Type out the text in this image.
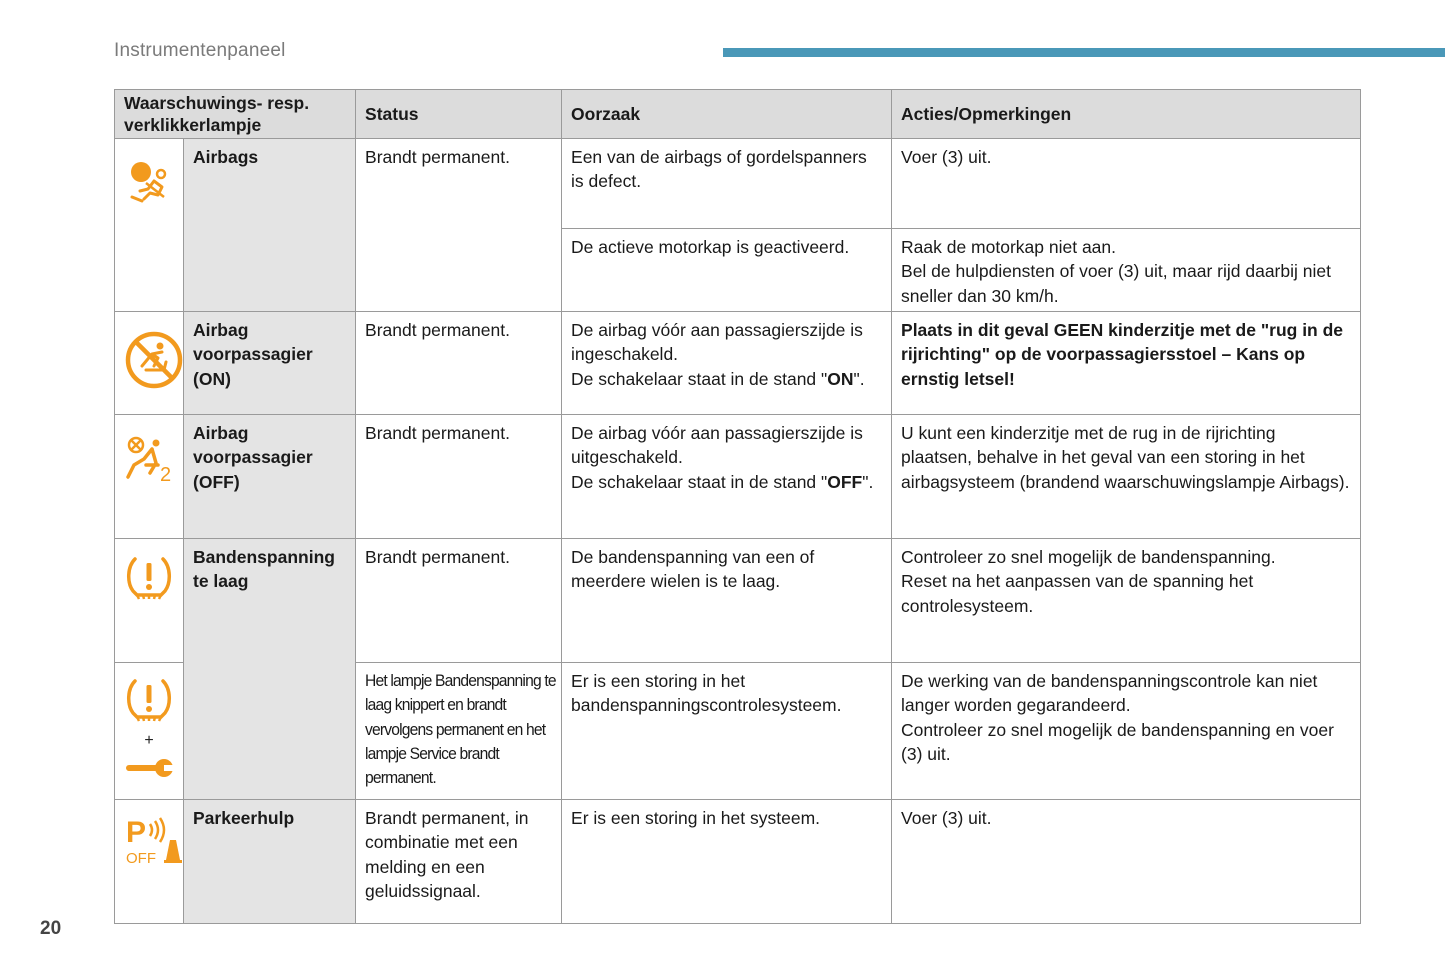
Instrumentenpaneel
Waarschuwings- resp. verklikkerlampje		Status	Oorzaak	Acties/Opmerkingen

	Airbags	Brandt permanent.	Een van de airbags of gordelspanners is defect.	Voer (3) uit.
			De actieve motorkap is geactiveerd.	Raak de motorkap niet aan.
Bel de hulpdiensten of voer (3) uit, maar rijd daarbij niet sneller dan 30 km/h.

	Airbag voorpassagier (ON)	Brandt permanent.	De airbag vóór aan passagierszijde is ingeschakeld.
De schakelaar staat in de stand "ON".	Plaats in dit geval GEEN kinderzitje met de "rug in de rijrichting" op de voorpassagiersstoel – Kans op ernstig letsel!

2	Airbag voorpassagier (OFF)	Brandt permanent.	De airbag vóór aan passagierszijde is uitgeschakeld.
De schakelaar staat in de stand "OFF".	U kunt een kinderzitje met de rug in de rijrichting plaatsen, behalve in het geval van een storing in het airbagsysteem (brandend waarschuwingslampje Airbags).

	Bandenspanning te laag	Brandt permanent.	De bandenspanning van een of meerdere wielen is te laag.	Controleer zo snel mogelijk de bandenspanning.
Reset na het aanpassen van de spanning het controlesysteem.

+		Het lampje Bandenspanning te laag knippert en brandt vervolgens permanent en het lampje Service brandt permanent.	Er is een storing in het bandenspanningscontrolesysteem.	De werking van de bandenspanningscontrole kan niet langer worden gegarandeerd.
Controleer zo snel mogelijk de bandenspanning en voer (3) uit.

P
OFF	Parkeerhulp	Brandt permanent, in combinatie met een melding en een geluidssignaal.	Er is een storing in het systeem.	Voer (3) uit.
20
